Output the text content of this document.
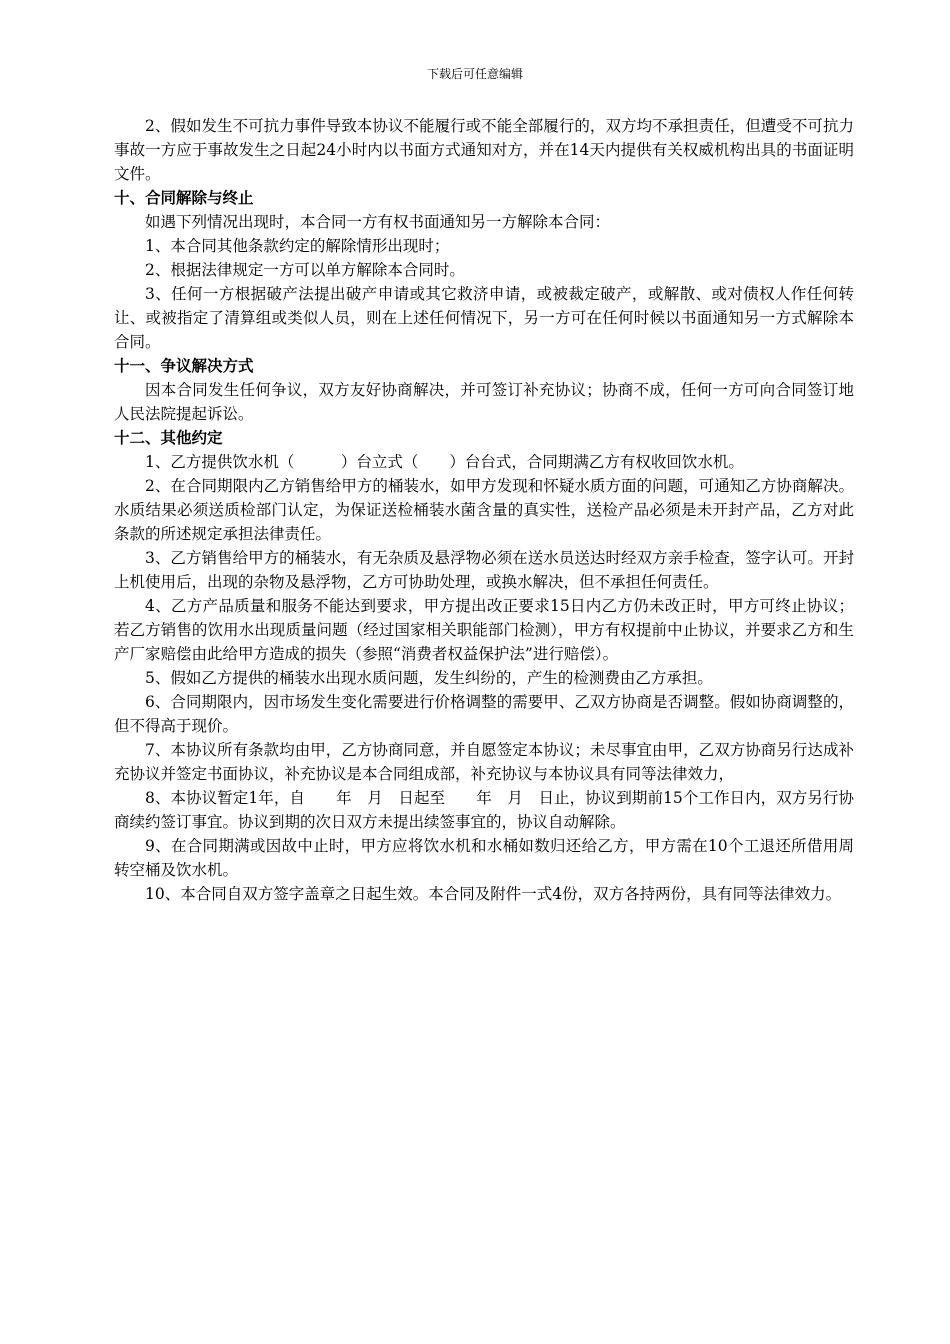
下载后可任意编辑

2、假如发生不可抗力事件导致本协议不能履行或不能全部履行的，双方均不承担责任，但遭受不可抗力事故一方应于事故发生之日起24小时内以书面方式通知对方，并在14天内提供有关权威机构出具的书面证明文件。

十、合同解除与终止

如遇下列情况出现时，本合同一方有权书面通知另一方解除本合同：

1、本合同其他条款约定的解除情形出现时；

2、根据法律规定一方可以单方解除本合同时。

3、任何一方根据破产法提出破产申请或其它救济申请，或被裁定破产，或解散、或对债权人作任何转让、或被指定了清算组或类似人员，则在上述任何情况下，另一方可在任何时候以书面通知另一方式解除本合同。

十一、争议解决方式

因本合同发生任何争议，双方友好协商解决，并可签订补充协议；协商不成，任何一方可向合同签订地人民法院提起诉讼。

十二、其他约定

1、乙方提供饮水机（　　　）台立式（　　）台台式，合同期满乙方有权收回饮水机。

2、在合同期限内乙方销售给甲方的桶装水，如甲方发现和怀疑水质方面的问题，可通知乙方协商解决。水质结果必须送质检部门认定，为保证送检桶装水菌含量的真实性，送检产品必须是未开封产品，乙方对此条款的所述规定承担法律责任。

3、乙方销售给甲方的桶装水，有无杂质及悬浮物必须在送水员送达时经双方亲手检查，签字认可。开封上机使用后，出现的杂物及悬浮物，乙方可协助处理，或换水解决，但不承担任何责任。

4、乙方产品质量和服务不能达到要求，甲方提出改正要求15日内乙方仍未改正时，甲方可终止协议；若乙方销售的饮用水出现质量问题（经过国家相关职能部门检测），甲方有权提前中止协议，并要求乙方和生产厂家赔偿由此给甲方造成的损失（参照“消费者权益保护法”进行赔偿）。

5、假如乙方提供的桶装水出现水质问题，发生纠纷的，产生的检测费由乙方承担。

6、合同期限内，因市场发生变化需要进行价格调整的需要甲、乙双方协商是否调整。假如协商调整的，但不得高于现价。

7、本协议所有条款均由甲，乙方协商同意，并自愿签定本协议；未尽事宜由甲，乙双方协商另行达成补充协议并签定书面协议，补充协议是本合同组成部，补充协议与本协议具有同等法律效力，

8、本协议暂定1年，自　　年　月　日起至　　年　月　日止，协议到期前15个工作日内，双方另行协商续约签订事宜。协议到期的次日双方未提出续签事宜的，协议自动解除。

9、在合同期满或因故中止时，甲方应将饮水机和水桶如数归还给乙方，甲方需在10个工退还所借用周转空桶及饮水机。

10、本合同自双方签字盖章之日起生效。本合同及附件一式4份，双方各持两份，具有同等法律效力。
